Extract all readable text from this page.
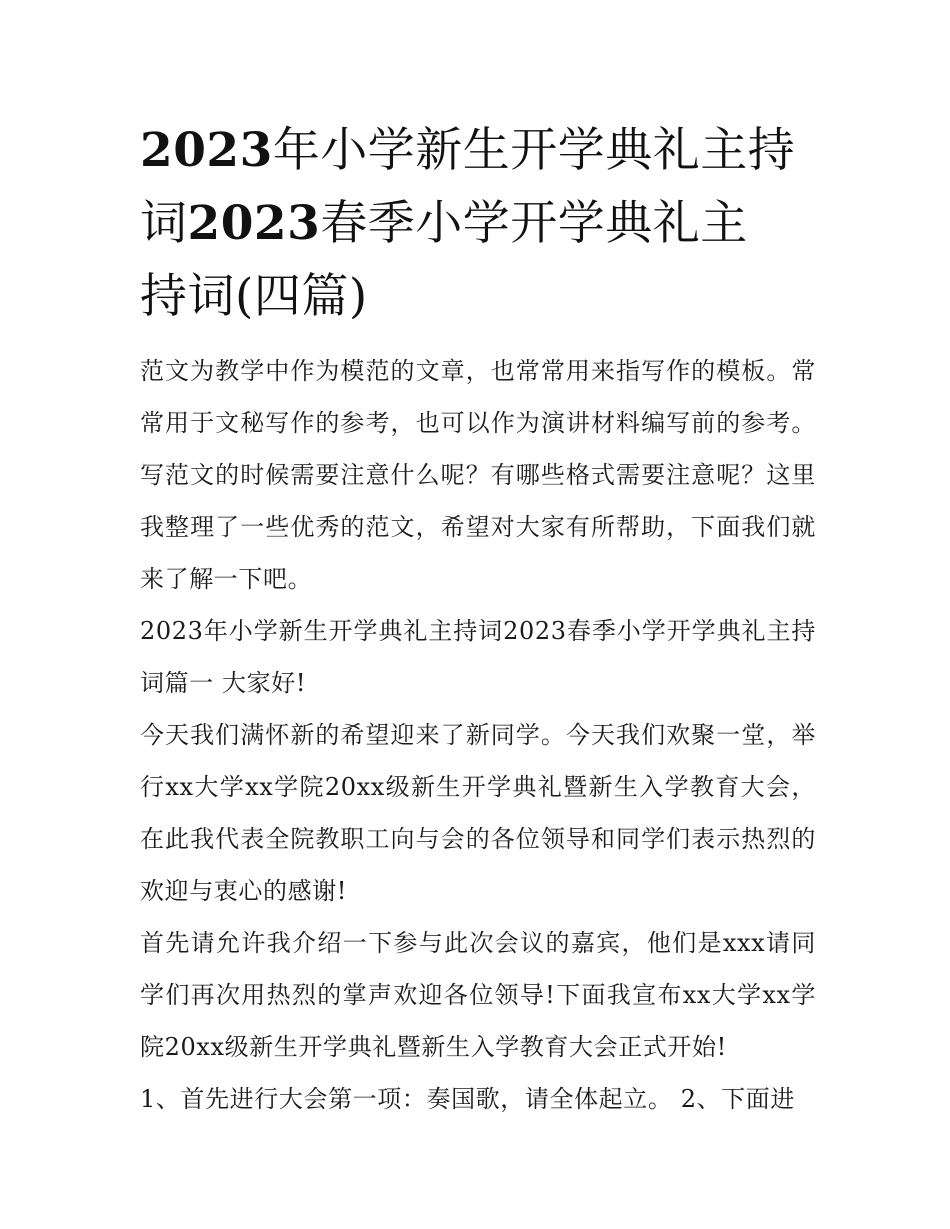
2023年小学新生开学典礼主持
词2023春季小学开学典礼主
持词(四篇)

范文为教学中作为模范的文章，也常常用来指写作的模板。常常用于文秘写作的参考，也可以作为演讲材料编写前的参考。写范文的时候需要注意什么呢？有哪些格式需要注意呢？这里我整理了一些优秀的范文，希望对大家有所帮助，下面我们就来了解一下吧。

2023年小学新生开学典礼主持词2023春季小学开学典礼主持词篇一 大家好!

今天我们满怀新的希望迎来了新同学。今天我们欢聚一堂，举行xx大学xx学院20xx级新生开学典礼暨新生入学教育大会，在此我代表全院教职工向与会的各位领导和同学们表示热烈的欢迎与衷心的感谢!

首先请允许我介绍一下参与此次会议的嘉宾，他们是xxx请同学们再次用热烈的掌声欢迎各位领导!下面我宣布xx大学xx学院20xx级新生开学典礼暨新生入学教育大会正式开始!

1、首先进行大会第一项：奏国歌，请全体起立。 2、下面进
